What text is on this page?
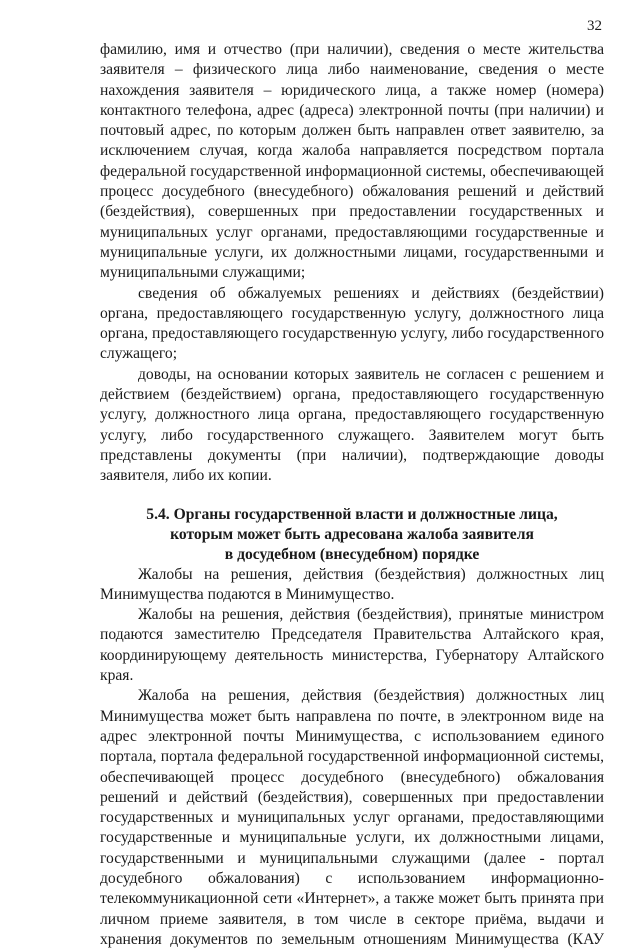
32

фамилию, имя и отчество (при наличии), сведения о месте жительства заявителя – физического лица либо наименование, сведения о месте нахождения заявителя – юридического лица, а также номер (номера) контактного телефона, адрес (адреса) электронной почты (при наличии) и почтовый адрес, по которым должен быть направлен ответ заявителю, за исключением случая, когда жалоба направляется посредством портала федеральной государственной информационной системы, обеспечивающей процесс досудебного (внесудебного) обжалования решений и действий (бездействия), совершенных при предоставлении государственных и муниципальных услуг органами, предоставляющими государственные и муниципальные услуги, их должностными лицами, государственными и муниципальными служащими;

сведения об обжалуемых решениях и действиях (бездействии) органа, предоставляющего государственную услугу, должностного лица органа, предоставляющего государственную услугу, либо государственного служащего;

доводы, на основании которых заявитель не согласен с решением и действием (бездействием) органа, предоставляющего государственную услугу, должностного лица органа, предоставляющего государственную услугу, либо государственного служащего. Заявителем могут быть представлены документы (при наличии), подтверждающие доводы заявителя, либо их копии.

5.4. Органы государственной власти и должностные лица,
которым может быть адресована жалоба заявителя
в досудебном (внесудебном) порядке

Жалобы на решения, действия (бездействия) должностных лиц Минимущества подаются в Минимущество.

Жалобы на решения, действия (бездействия), принятые министром подаются заместителю Председателя Правительства Алтайского края, координирующему деятельность министерства, Губернатору Алтайского края.

Жалоба на решения, действия (бездействия) должностных лиц Минимущества может быть направлена по почте, в электронном виде на адрес электронной почты Минимущества, с использованием единого портала, портала федеральной государственной информационной системы, обеспечивающей процесс досудебного (внесудебного) обжалования решений и действий (бездействия), совершенных при предоставлении государственных и муниципальных услуг органами, предоставляющими государственные и муниципальные услуги, их должностными лицами, государственными и муниципальными служащими (далее - портал досудебного обжалования) с использованием информационно-телекоммуникационной сети «Интернет», а также может быть принята при личном приеме заявителя, в том числе в секторе приёма, выдачи и хранения документов по земельным отношениям Минимущества (КАУ
